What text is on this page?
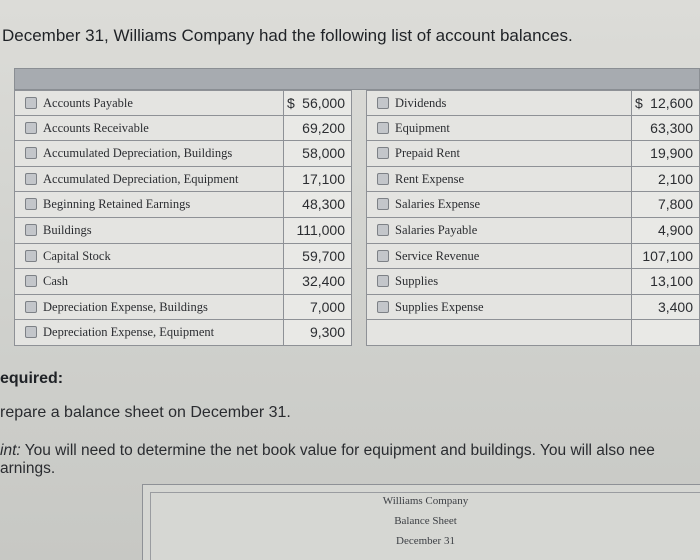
December 31, Williams Company had the following list of account balances.
Accounts Payable	$ 56,000
Accounts Receivable	69,200
Accumulated Depreciation, Buildings	58,000
Accumulated Depreciation, Equipment	17,100
Beginning Retained Earnings	48,300
Buildings	111,000
Capital Stock	59,700
Cash	32,400
Depreciation Expense, Buildings	7,000
Depreciation Expense, Equipment	9,300
Dividends	$ 12,600
Equipment	63,300
Prepaid Rent	19,900
Rent Expense	2,100
Salaries Expense	7,800
Salaries Payable	4,900
Service Revenue	107,100
Supplies	13,100
Supplies Expense	3,400
equired:
repare a balance sheet on December 31.
int: You will need to determine the net book value for equipment and buildings. You will also nee
arnings.
Williams Company
Balance Sheet
December 31
